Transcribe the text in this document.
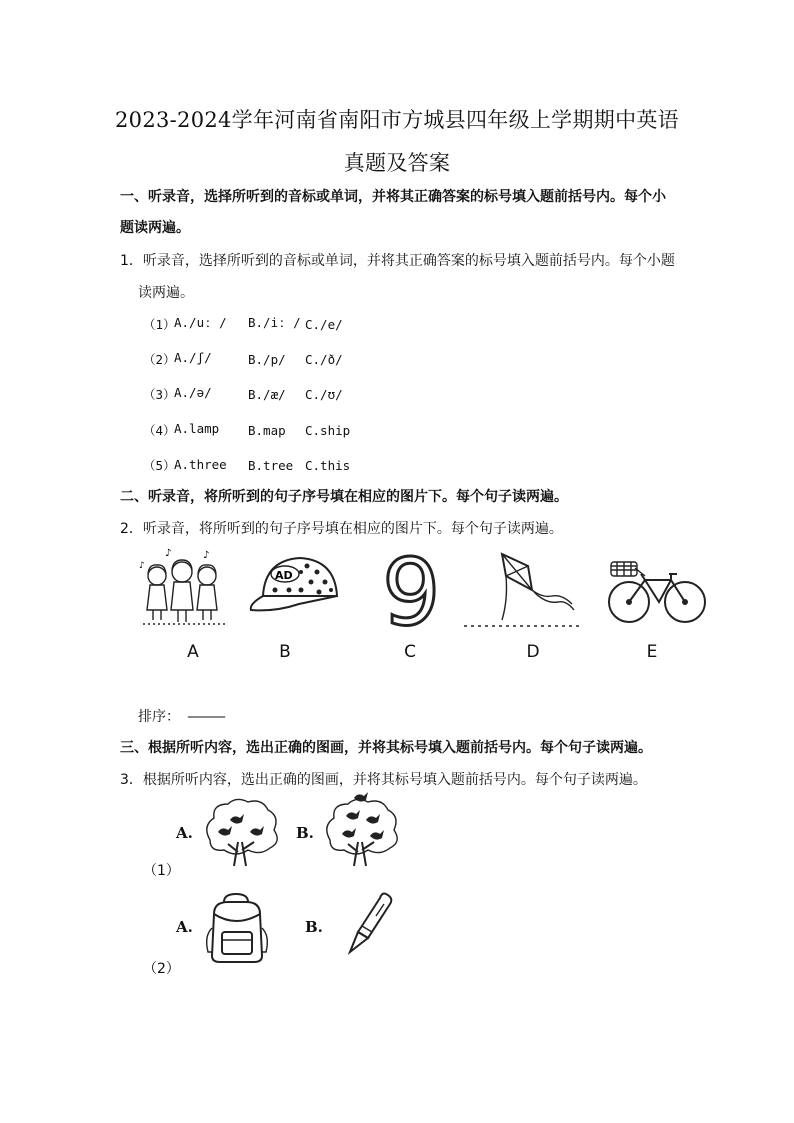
2023-2024学年河南省南阳市方城县四年级上学期期中英语
真题及答案
一、听录音，选择所听到的音标或单词，并将其正确答案的标号填入题前括号内。每个小
题读两遍。
1．听录音，选择所听到的音标或单词，并将其正确答案的标号填入题前括号内。每个小题
读两遍。
（1）
A./uː / B./iː / C./e/
（2）
A./ʃ/	B./p/ C./ð/
（3）
A./ə/	B./æ/ C./ʊ/
（4）
A.lamp B.map C.ship
（5）
A.three B.tree C.this
二、听录音，将所听到的句子序号填在相应的图片下。每个句子读两遍。
2．听录音，将所听到的句子序号填在相应的图片下。每个句子读两遍。
♪	♪
♪
A
AD
B
9
C	D	E
排序： ______
三、根据所听内容，选出正确的图画，并将其标号填入题前括号内。每个句子读两遍。
3．根据所听内容，选出正确的图画，并将其标号填入题前括号内。每个句子读两遍。
A.	B.
（1）
A.	B.
（2）
